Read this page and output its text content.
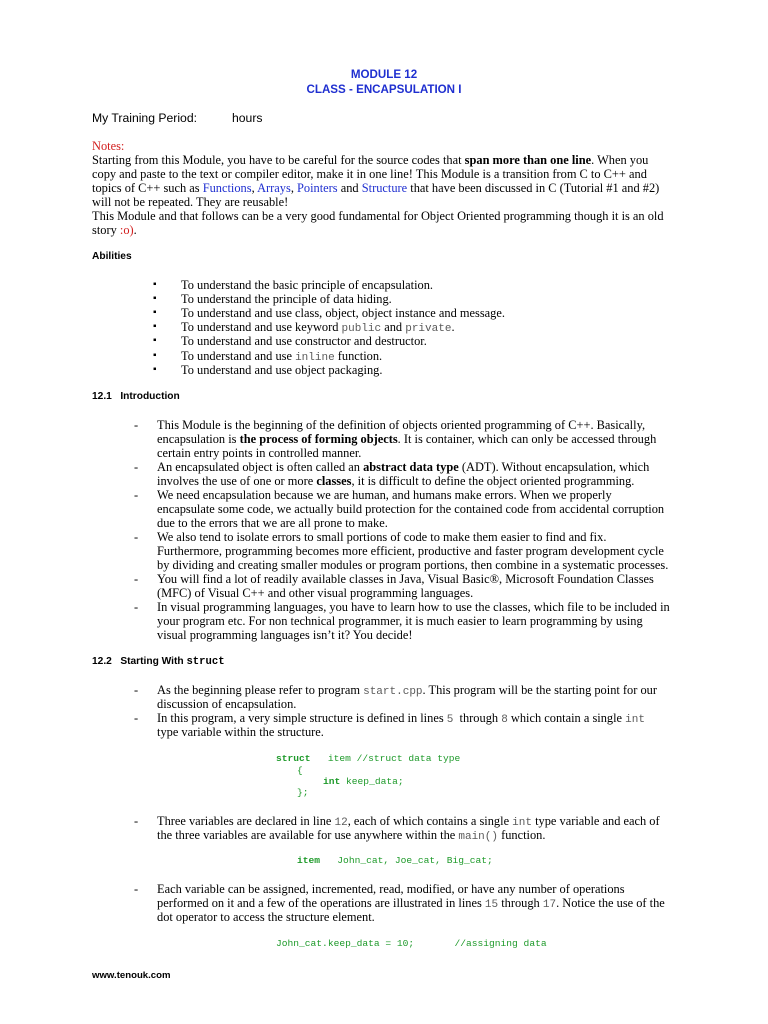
MODULE 12
CLASS - ENCAPSULATION I
My Training Period:	hours
Notes:
Starting from this Module, you have to be careful for the source codes that span more than one line. When you
copy and paste to the text or compiler editor, make it in one line! This Module is a transition from C to C++ and
topics of C++ such as Functions, Arrays, Pointers and Structure that have been discussed in C (Tutorial #1 and #2)
will not be repeated. They are reusable!
This Module and that follows can be a very good fundamental for Object Oriented programming though it is an old
story :o).
Abilities
▪ To understand the basic principle of encapsulation.
▪ To understand the principle of data hiding.
▪ To understand and use class, object, object instance and message.
▪ To understand and use keyword public and private.
▪ To understand and use constructor and destructor.
▪ To understand and use inline function.
▪ To understand and use object packaging.
12.1   Introduction
- This Module is the beginning of the definition of objects oriented programming of C++. Basically,
encapsulation is the process of forming objects. It is container, which can only be accessed through
certain entry points in controlled manner.
- An encapsulated object is often called an abstract data type (ADT). Without encapsulation, which
involves the use of one or more classes, it is difficult to define the object oriented programming.
- We need encapsulation because we are human, and humans make errors. When we properly
encapsulate some code, we actually build protection for the contained code from accidental corruption
due to the errors that we are all prone to make.
- We also tend to isolate errors to small portions of code to make them easier to find and fix.
Furthermore, programming becomes more efficient, productive and faster program development cycle
by dividing and creating smaller modules or program portions, then combine in a systematic processes.
- You will find a lot of readily available classes in Java, Visual Basic®, Microsoft Foundation Classes
(MFC) of Visual C++ and other visual programming languages.
- In visual programming languages, you have to learn how to use the classes, which file to be included in
your program etc. For non technical programmer, it is much easier to learn programming by using
visual programming languages isn’t it? You decide!
12.2   Starting With struct
- As the beginning please refer to program start.cpp. This program will be the starting point for our
discussion of encapsulation.
- In this program, a very simple structure is defined in lines 5  through 8 which contain a single int
type variable within the structure.
struct   item //struct data type
{
int keep_data;
};
- Three variables are declared in line 12, each of which contains a single int type variable and each of
the three variables are available for use anywhere within the main() function.
item   John_cat, Joe_cat, Big_cat;
- Each variable can be assigned, incremented, read, modified, or have any number of operations
performed on it and a few of the operations are illustrated in lines 15 through 17. Notice the use of the
dot operator to access the structure element.
John_cat.keep_data = 10;       //assigning data
www.tenouk.com
